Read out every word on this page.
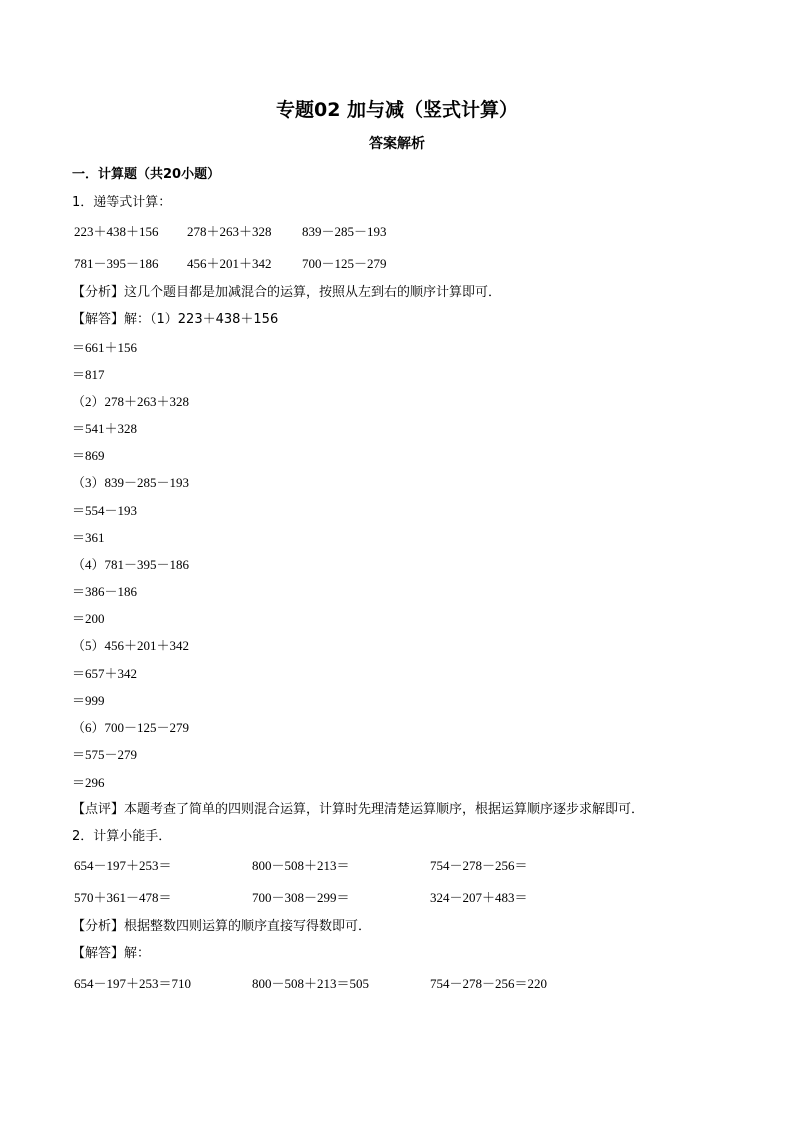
专题02 加与减（竖式计算）
答案解析
一．计算题（共20小题）
1．递等式计算：
223＋438＋156 278＋263＋328 839－285－193
781－395－186 456＋201＋342 700－125－279
【分析】这几个题目都是加减混合的运算，按照从左到右的顺序计算即可．
【解答】解：（1）223＋438＋156
＝661＋156
＝817
（2）278＋263＋328
＝541＋328
＝869
（3）839－285－193
＝554－193
＝361
（4）781－395－186
＝386－186
＝200
（5）456＋201＋342
＝657＋342
＝999
（6）700－125－279
＝575－279
＝296
【点评】本题考查了简单的四则混合运算，计算时先理清楚运算顺序，根据运算顺序逐步求解即可．
2．计算小能手．
654－197＋253＝	800－508＋213＝	754－278－256＝
570＋361－478＝	700－308－299＝	324－207＋483＝
【分析】根据整数四则运算的顺序直接写得数即可．
【解答】解：
654－197＋253＝710	800－508＋213＝505	754－278－256＝220
